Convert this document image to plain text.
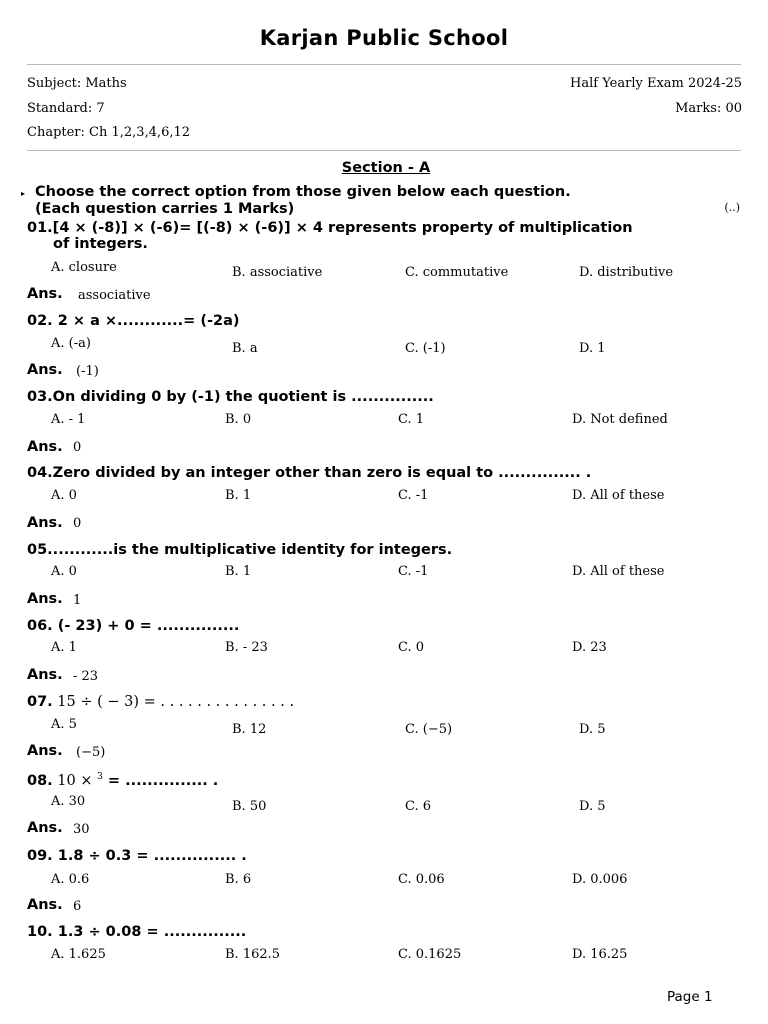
Karjan Public School
Subject: Maths	Half Yearly Exam 2024-25
Standard: 7	Marks: 00
Chapter: Ch 1,2,3,4,6,12
Section - A
▸ Choose the correct option from those given below each question.
(Each question carries 1 Marks)	(..)
01.[4 × (-8)] × (-6)= [(-8) × (-6)] × 4 represents property of multiplication
of integers.
A. closure	B. associative	C. commutative	D. distributive
Ans. associative
02. 2 × a ×............= (-2a)
A. (-a)	B. a	C. (-1)	D. 1
Ans. (-1)
03.On dividing 0 by (-1) the quotient is ...............
A. - 1	B. 0	C. 1	D. Not defined
Ans. 0
04.Zero divided by an integer other than zero is equal to ............... .
A. 0	B. 1	C. -1	D. All of these
Ans. 0
05............is the multiplicative identity for integers.
A. 0	B. 1	C. -1	D. All of these
Ans. 1
06. (- 23) + 0 = ...............
A. 1	B. - 23	C. 0	D. 23
Ans. - 23
07. 15 ÷ ( − 3) = . . . . . . . . . . . . . . .
A. 5	B. 12	C. (−5)	D. 5
Ans. (−5)
08. 10 × $^3$ = ............... .
A. 30	B. 50	C. 6	D. 5
Ans. 30
09. 1.8 ÷ 0.3 = ............... .
A. 0.6	B. 6	C. 0.06	D. 0.006
Ans. 6
10. 1.3 ÷ 0.08 = ...............
A. 1.625	B. 162.5	C. 0.1625	D. 16.25
Page 1
